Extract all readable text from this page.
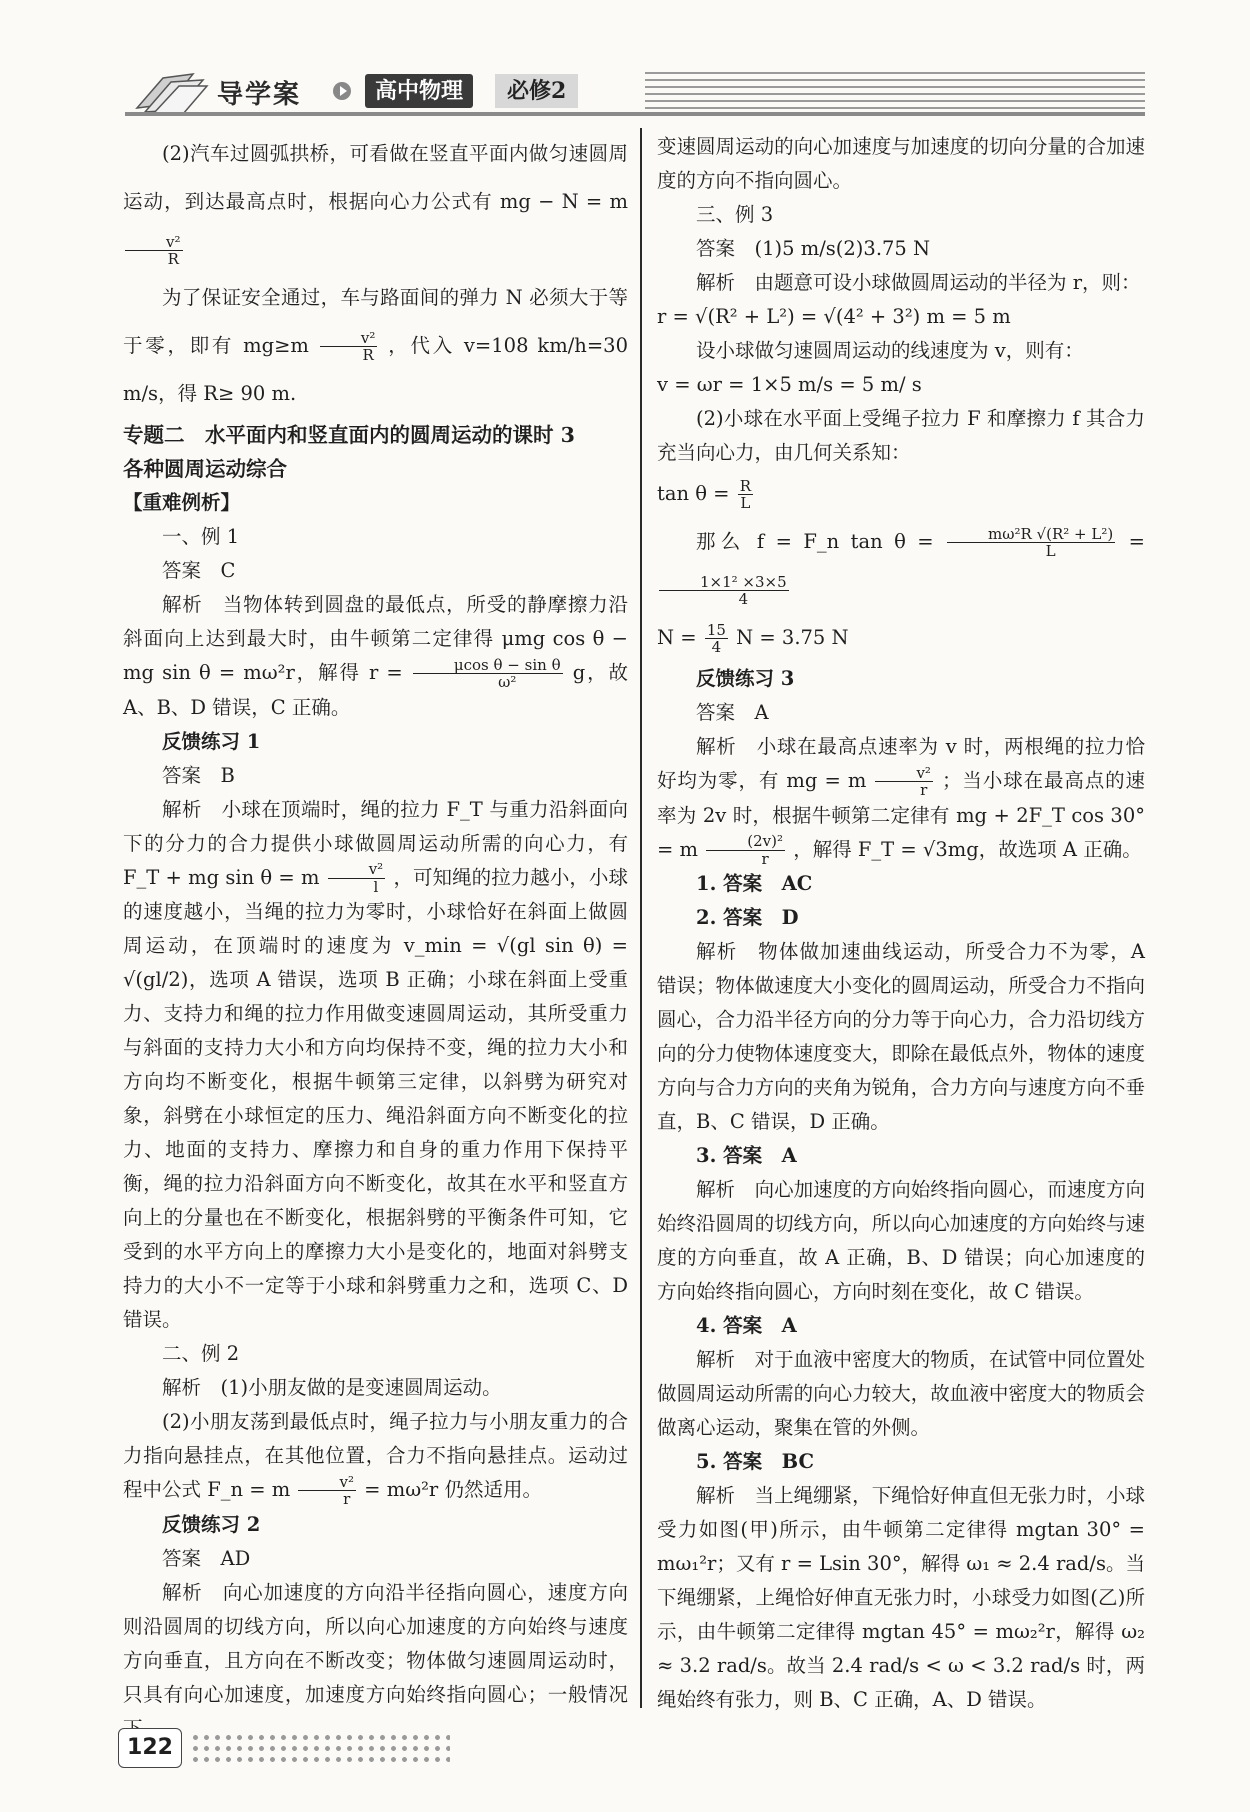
导学案	高中物理	必修2

(2)汽车过圆弧拱桥，可看做在竖直平面内做匀速圆周运动，到达最高点时，根据向心力公式有 mg − N = m
$\frac{\text{v²}}{R}$

为了保证安全通过，车与路面间的弹力 N 必须大于等于零，即有 $mg\ge m \frac{\text{v²}}{R}$ ，代入 v=108 km/h=30 m/s，得 R≥ 90 m.

专题二　水平面内和竖直面内的圆周运动的课时 3

各种圆周运动综合

【重难例析】

一、例 1

答案　C

解析　当物体转到圆盘的最低点，所受的静摩擦力沿斜面向上达到最大时，由牛顿第二定律得 μmg cos θ − mg sin θ = mω²r，解得 $r = \frac{\text{μcos θ − sin θ}}{\text{ω²}}$ g，故 A、B、D 错误，C 正确。

反馈练习 1

答案　B

解析　小球在顶端时，绳的拉力 F_T 与重力沿斜面向下的分力的合力提供小球做圆周运动所需的向心力，有 F_T + mg sin θ = m $\frac{\text{v²}}{l}$ ，可知绳的拉力越小，小球的速度越小，当绳的拉力为零时，小球恰好在斜面上做圆周运动，在顶端时的速度为 v_min = √(gl sin θ) = √(gl/2)，选项 A 错误，选项 B 正确；小球在斜面上受重力、支持力和绳的拉力作用做变速圆周运动，其所受重力与斜面的支持力大小和方向均保持不变，绳的拉力大小和方向均不断变化，根据牛顿第三定律，以斜劈为研究对象，斜劈在小球恒定的压力、绳沿斜面方向不断变化的拉力、地面的支持力、摩擦力和自身的重力作用下保持平衡，绳的拉力沿斜面方向不断变化，故其在水平和竖直方向上的分量也在不断变化，根据斜劈的平衡条件可知，它受到的水平方向上的摩擦力大小是变化的，地面对斜劈支持力的大小不一定等于小球和斜劈重力之和，选项 C、D 错误。

二、例 2

解析　(1)小朋友做的是变速圆周运动。

(2)小朋友荡到最低点时，绳子拉力与小朋友重力的合力指向悬挂点，在其他位置，合力不指向悬挂点。运动过程中公式 F_n = m $\frac{\text{v²}}{r} = m\omega^2r$ 仍然适用。

反馈练习 2

答案　AD

解析　向心加速度的方向沿半径指向圆心，速度方向则沿圆周的切线方向，所以向心加速度的方向始终与速度方向垂直，且方向在不断改变；物体做匀速圆周运动时，只具有向心加速度，加速度方向始终指向圆心；一般情况

变速圆周运动的向心加速度与加速度的切向分量的合加速度的方向不指向圆心。

三、例 3

答案　(1)5 m/s(2)3.75 N

解析　由题意可设小球做圆周运动的半径为 r，则：

r = √(R² + L²) = √(4² + 3²) m = 5 m

设小球做匀速圆周运动的线速度为 v，则有：

v = ωr = 1×5 m/s = 5 m/ s

(2)小球在水平面上受绳子拉力 F 和摩擦力 f 其合力充当向心力，由几何关系知：

$\tan \theta = \frac{R}{L}$

那么 f = F_n $\tan \theta = \frac{\text{mω²R √(R² + L²)}}{L}$ =
$\frac{\text{1×1² ×3×5}}{4}$

$N = \frac{15}{4}$ N = 3.75 N

反馈练习 3

答案　A

解析　小球在最高点速率为 v 时，两根绳的拉力恰好均为零，有 mg = m $\frac{\text{v²}}{r}$ ；当小球在最高点的速率为 2v 时，根据牛顿第二定律有 mg + 2F_T cos 30° = m $\frac{\text{(2v)²}}{r}$ ，解得 F_T = √3mg，故选项 A 正确。

1. 答案　AC

2. 答案　D

解析　物体做加速曲线运动，所受合力不为零，A 错误；物体做速度大小变化的圆周运动，所受合力不指向圆心，合力沿半径方向的分力等于向心力，合力沿切线方向的分力使物体速度变大，即除在最低点外，物体的速度方向与合力方向的夹角为锐角，合力方向与速度方向不垂直，B、C 错误，D 正确。

3. 答案　A

解析　向心加速度的方向始终指向圆心，而速度方向始终沿圆周的切线方向，所以向心加速度的方向始终与速度的方向垂直，故 A 正确，B、D 错误；向心加速度的方向始终指向圆心，方向时刻在变化，故 C 错误。

4. 答案　A

解析　对于血液中密度大的物质，在试管中同位置处做圆周运动所需的向心力较大，故血液中密度大的物质会做离心运动，聚集在管的外侧。

5. 答案　BC

解析　当上绳绷紧，下绳恰好伸直但无张力时，小球受力如图(甲)所示，由牛顿第二定律得 mgtan 30° = mω₁²r；又有 r = Lsin 30°，解得 ω₁ ≈ 2.4 rad/s。当下绳绷紧，上绳恰好伸直无张力时，小球受力如图(乙)所示，由牛顿第二定律得 mgtan 45° = mω₂²r，解得 ω₂ ≈ 3.2 rad/s。故当 2.4 rad/s < ω < 3.2 rad/s 时，两绳始终有张力，则 B、C 正确，A、D 错误。

122
